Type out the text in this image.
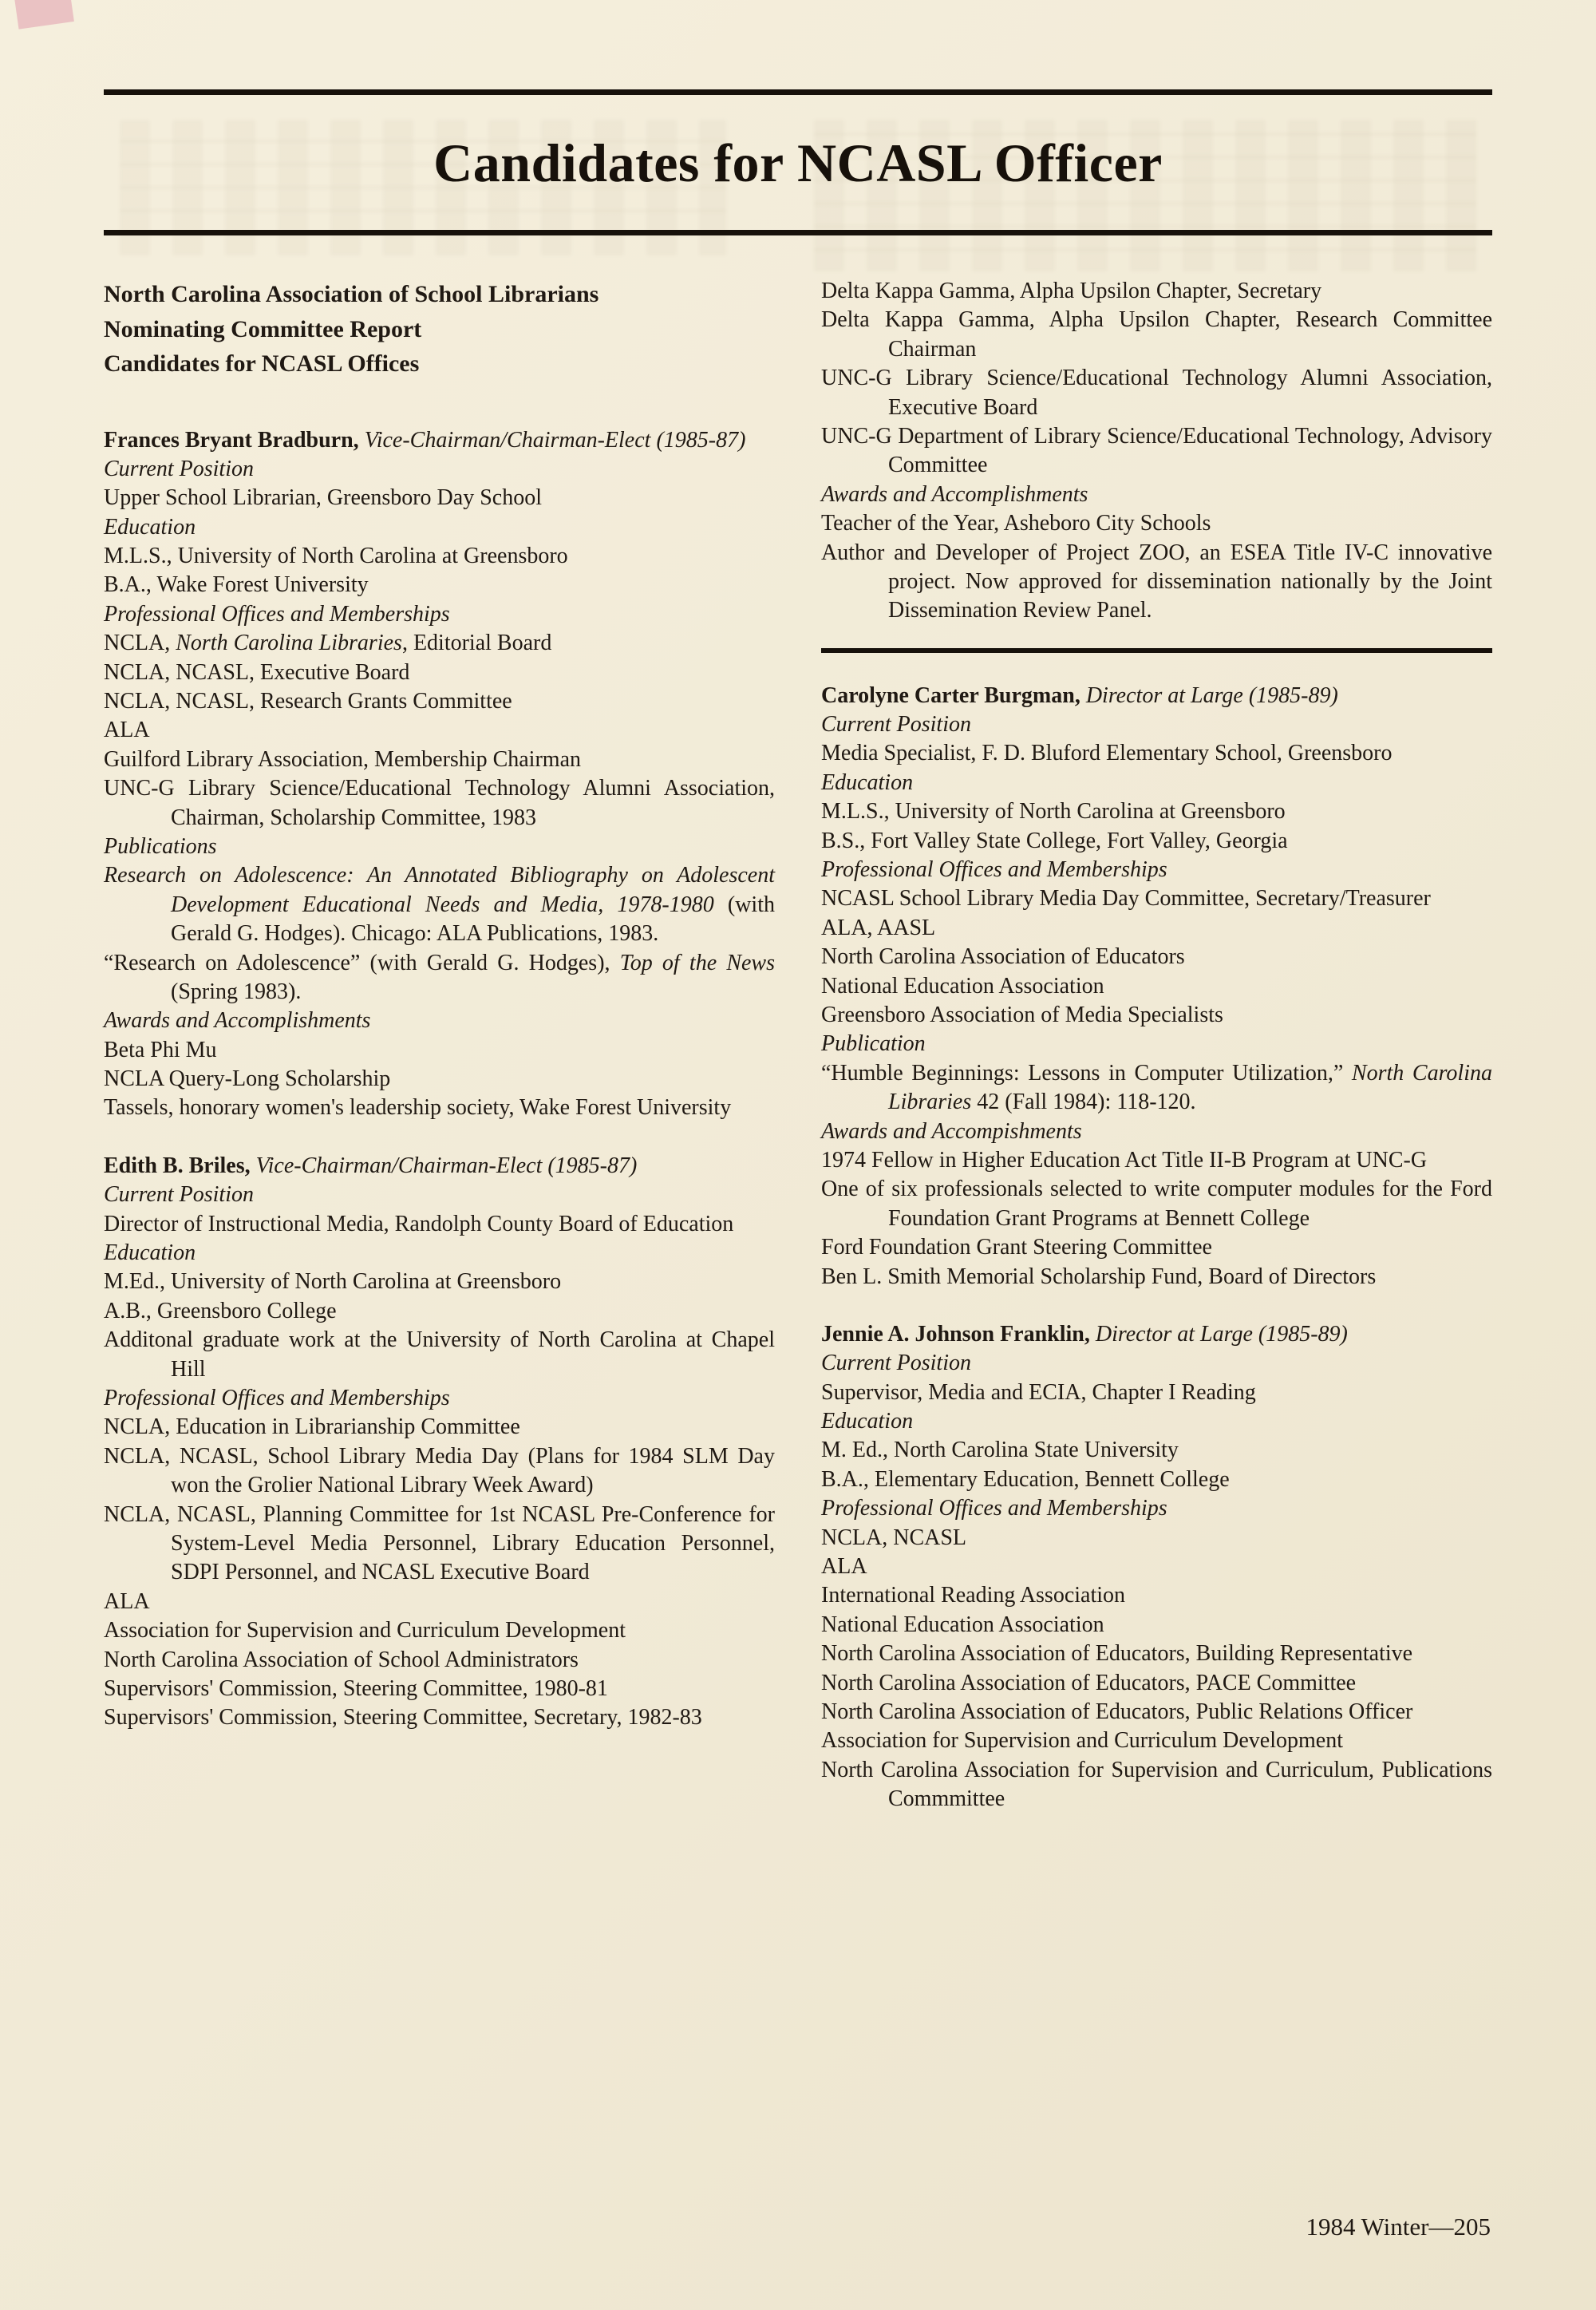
Candidates for NCASL Officer
North Carolina Association of School Librarians
Nominating Committee Report
Candidates for NCASL Offices

Frances Bryant Bradburn, Vice-Chairman/Chairman-Elect (1985-87)

Current Position

Upper School Librarian, Greensboro Day School

Education

M.L.S., University of North Carolina at Greensboro

B.A., Wake Forest University

Professional Offices and Memberships

NCLA, North Carolina Libraries, Editorial Board

NCLA, NCASL, Executive Board

NCLA, NCASL, Research Grants Committee

ALA

Guilford Library Association, Membership Chairman

UNC-G Library Science/Educational Technology Alumni Association, Chairman, Scholarship Committee, 1983

Publications

Research on Adolescence: An Annotated Bibliography on Adolescent Development Educational Needs and Media, 1978-1980 (with Gerald G. Hodges). Chicago: ALA Publications, 1983.

“Research on Adolescence” (with Gerald G. Hodges), Top of the News (Spring 1983).

Awards and Accomplishments

Beta Phi Mu

NCLA Query-Long Scholarship

Tassels, honorary women's leadership society, Wake Forest University

Edith B. Briles, Vice-Chairman/Chairman-Elect (1985-87)

Current Position

Director of Instructional Media, Randolph County Board of Education

Education

M.Ed., University of North Carolina at Greensboro

A.B., Greensboro College

Additonal graduate work at the University of North Carolina at Chapel Hill

Professional Offices and Memberships

NCLA, Education in Librarianship Committee

NCLA, NCASL, School Library Media Day (Plans for 1984 SLM Day won the Grolier National Library Week Award)

NCLA, NCASL, Planning Committee for 1st NCASL Pre-Conference for System-Level Media Personnel, Library Education Personnel, SDPI Personnel, and NCASL Executive Board

ALA

Association for Supervision and Curriculum Development

North Carolina Association of School Administrators

Supervisors' Commission, Steering Committee, 1980-81

Supervisors' Commission, Steering Committee, Secretary, 1982-83

Delta Kappa Gamma, Alpha Upsilon Chapter, Secretary

Delta Kappa Gamma, Alpha Upsilon Chapter, Research Committee Chairman

UNC-G Library Science/Educational Technology Alumni Association, Executive Board

UNC-G Department of Library Science/Educational Technology, Advisory Committee

Awards and Accomplishments

Teacher of the Year, Asheboro City Schools

Author and Developer of Project ZOO, an ESEA Title IV-C innovative project. Now approved for dissemination nationally by the Joint Dissemination Review Panel.

Carolyne Carter Burgman, Director at Large (1985-89)

Current Position

Media Specialist, F. D. Bluford Elementary School, Greensboro

Education

M.L.S., University of North Carolina at Greensboro

B.S., Fort Valley State College, Fort Valley, Georgia

Professional Offices and Memberships

NCASL School Library Media Day Committee, Secretary/Treasurer

ALA, AASL

North Carolina Association of Educators

National Education Association

Greensboro Association of Media Specialists

Publication

“Humble Beginnings: Lessons in Computer Utilization,” North Carolina Libraries 42 (Fall 1984): 118-120.

Awards and Accompishments

1974 Fellow in Higher Education Act Title II-B Program at UNC-G

One of six professionals selected to write computer modules for the Ford Foundation Grant Programs at Bennett College

Ford Foundation Grant Steering Committee

Ben L. Smith Memorial Scholarship Fund, Board of Directors

Jennie A. Johnson Franklin, Director at Large (1985-89)

Current Position

Supervisor, Media and ECIA, Chapter I Reading

Education

M. Ed., North Carolina State University

B.A., Elementary Education, Bennett College

Professional Offices and Memberships

NCLA, NCASL

ALA

International Reading Association

National Education Association

North Carolina Association of Educators, Building Representative

North Carolina Association of Educators, PACE Committee

North Carolina Association of Educators, Public Relations Officer

Association for Supervision and Curriculum Development

North Carolina Association for Supervision and Curriculum, Publications Commmittee

1984 Winter—205
